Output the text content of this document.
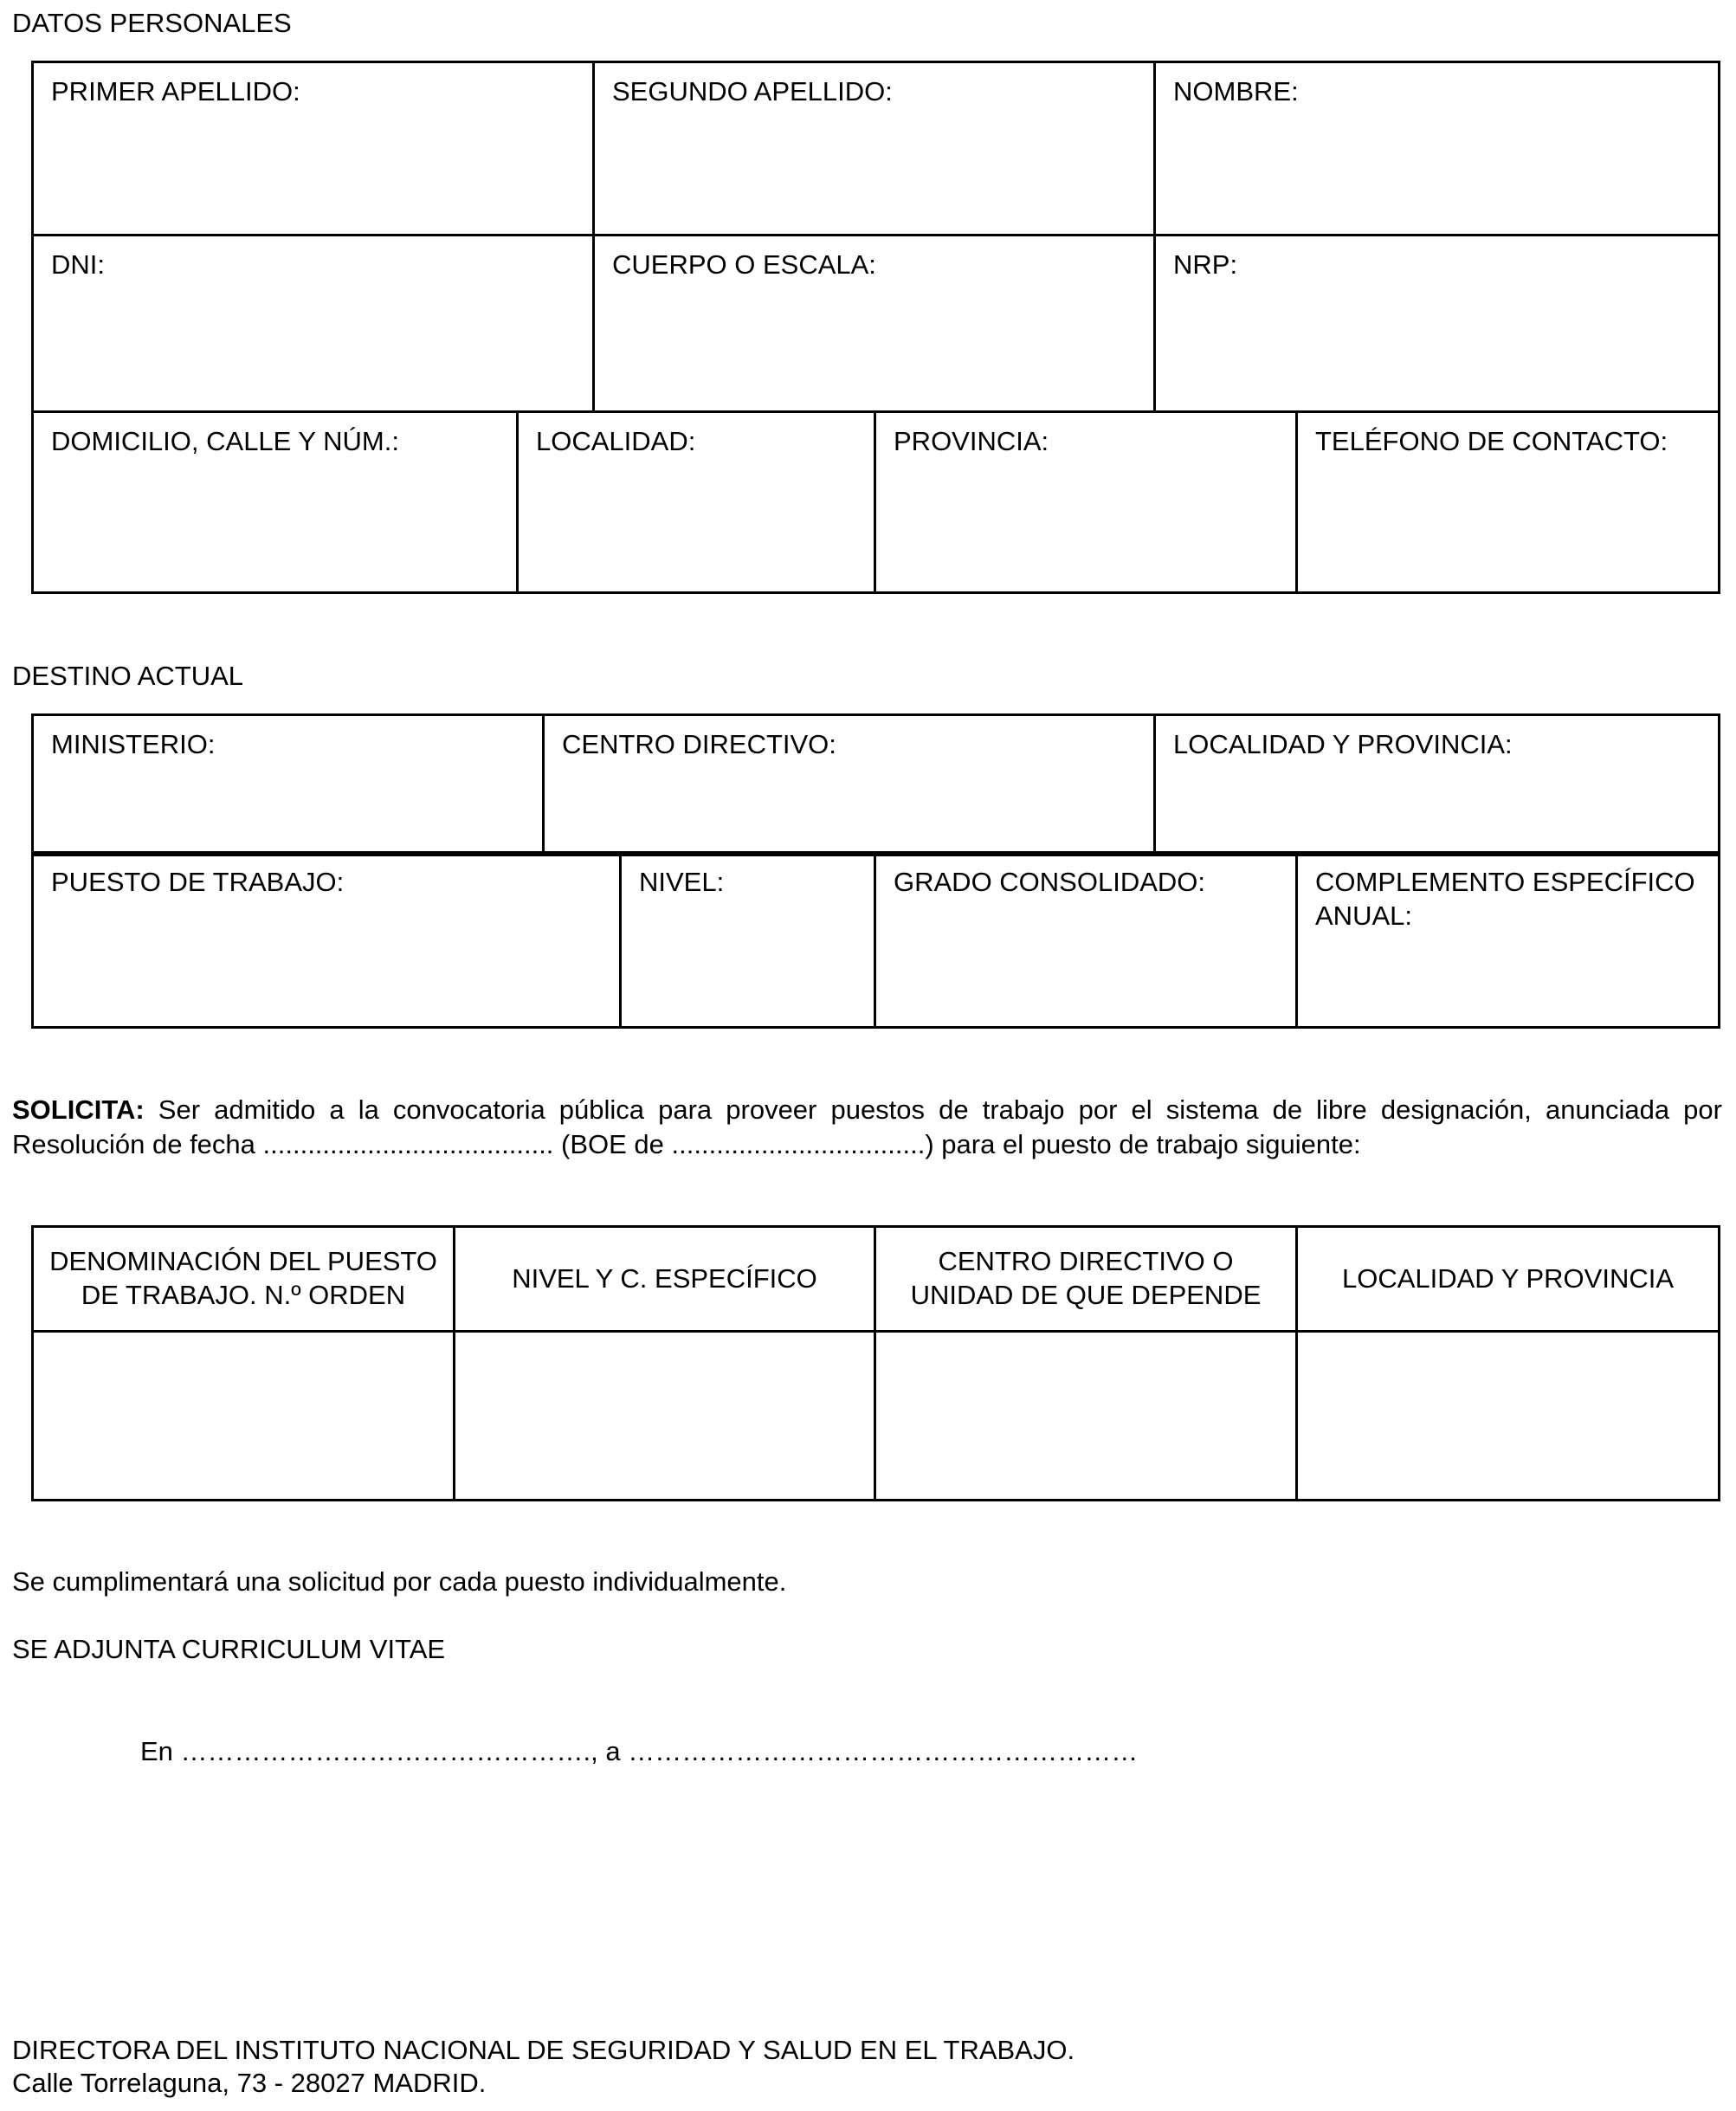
DATOS PERSONALES
PRIMER APELLIDO:	SEGUNDO APELLIDO:	NOMBRE:
DNI:	CUERPO O ESCALA:	NRP:
DOMICILIO, CALLE Y NÚM.:	LOCALIDAD:	PROVINCIA:	TELÉFONO DE CONTACTO:
DESTINO ACTUAL
MINISTERIO:	CENTRO DIRECTIVO:	LOCALIDAD Y PROVINCIA:
PUESTO DE TRABAJO:	NIVEL:	GRADO CONSOLIDADO:	COMPLEMENTO ESPECÍFICO ANUAL:
SOLICITA: Ser admitido a la convocatoria pública para proveer puestos de trabajo por el sistema de libre designación, anunciada por Resolución de fecha ....................................... (BOE de ..................................) para el puesto de trabajo siguiente:
DENOMINACIÓN DEL PUESTO DE TRABAJO. N.º ORDEN	NIVEL Y C. ESPECÍFICO	CENTRO DIRECTIVO O UNIDAD DE QUE DEPENDE	LOCALIDAD Y PROVINCIA

Se cumplimentará una solicitud por cada puesto individualmente.
SE ADJUNTA CURRICULUM VITAE
En ………………………………………., a …………………………………………………
DIRECTORA DEL INSTITUTO NACIONAL DE SEGURIDAD Y SALUD EN EL TRABAJO.
Calle Torrelaguna, 73 - 28027 MADRID.
